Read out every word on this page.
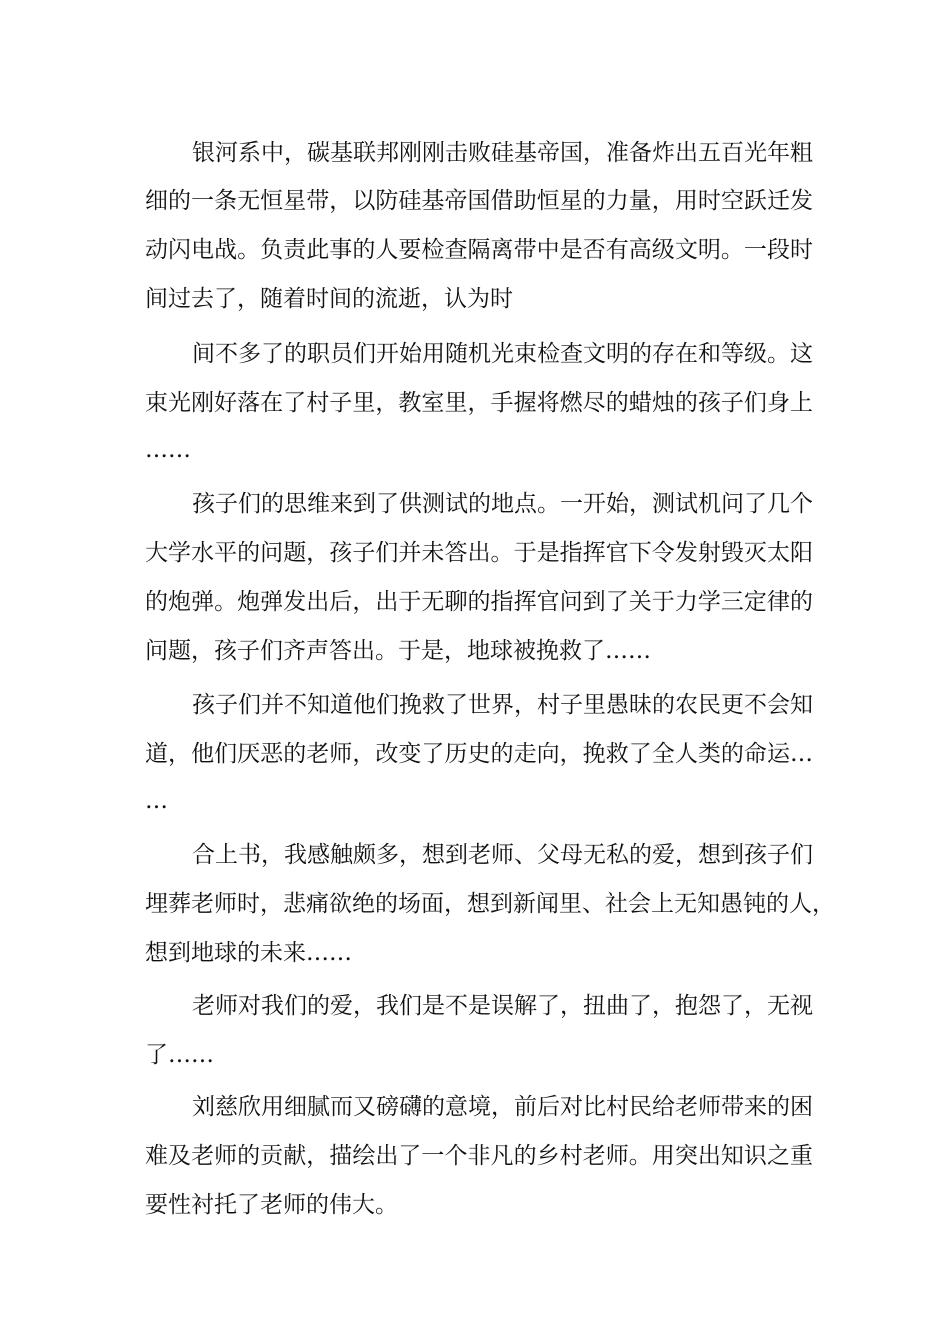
银河系中，碳基联邦刚刚击败硅基帝国，准备炸出五百光年粗

细的一条无恒星带，以防硅基帝国借助恒星的力量，用时空跃迁发

动闪电战。负责此事的人要检查隔离带中是否有高级文明。一段时

间过去了，随着时间的流逝，认为时

间不多了的职员们开始用随机光束检查文明的存在和等级。这

束光刚好落在了村子里，教室里，手握将燃尽的蜡烛的孩子们身上

……

孩子们的思维来到了供测试的地点。一开始，测试机问了几个

大学水平的问题，孩子们并未答出。于是指挥官下令发射毁灭太阳

的炮弹。炮弹发出后，出于无聊的指挥官问到了关于力学三定律的

问题，孩子们齐声答出。于是，地球被挽救了……

孩子们并不知道他们挽救了世界，村子里愚昧的农民更不会知

道，他们厌恶的老师，改变了历史的走向，挽救了全人类的命运…

…

合上书，我感触颇多，想到老师、父母无私的爱，想到孩子们

埋葬老师时，悲痛欲绝的场面，想到新闻里、社会上无知愚钝的人，

想到地球的未来……

老师对我们的爱，我们是不是误解了，扭曲了，抱怨了，无视

了……

刘慈欣用细腻而又磅礴的意境，前后对比村民给老师带来的困

难及老师的贡献，描绘出了一个非凡的乡村老师。用突出知识之重

要性衬托了老师的伟大。
